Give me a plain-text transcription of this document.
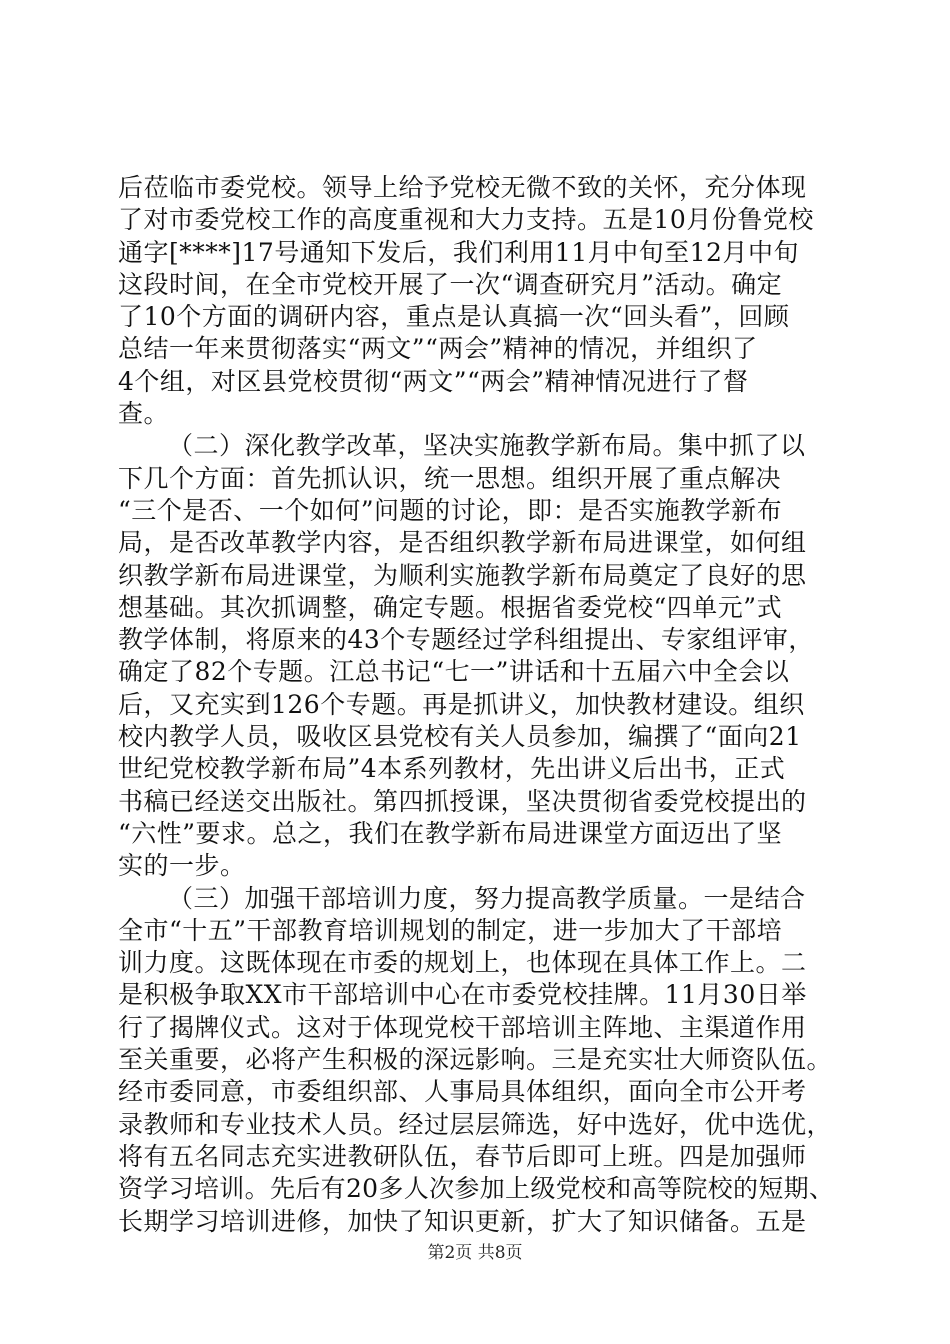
后莅临市委党校。领导上给予党校无微不致的关怀，充分体现
了对市委党校工作的高度重视和大力支持。五是10月份鲁党校
通字[****]17号通知下发后，我们利用11月中旬至12月中旬
这段时间，在全市党校开展了一次“调查研究月”活动。确定
了10个方面的调研内容，重点是认真搞一次“回头看”，回顾
总结一年来贯彻落实“两文”“两会”精神的情况，并组织了
4个组，对区县党校贯彻“两文”“两会”精神情况进行了督
查。
（二）深化教学改革，坚决实施教学新布局。集中抓了以
下几个方面：首先抓认识，统一思想。组织开展了重点解决
“三个是否、一个如何”问题的讨论，即：是否实施教学新布
局，是否改革教学内容，是否组织教学新布局进课堂，如何组
织教学新布局进课堂，为顺利实施教学新布局奠定了良好的思
想基础。其次抓调整，确定专题。根据省委党校“四单元”式
教学体制，将原来的43个专题经过学科组提出、专家组评审，
确定了82个专题。江总书记“七一”讲话和十五届六中全会以
后，又充实到126个专题。再是抓讲义，加快教材建设。组织
校内教学人员，吸收区县党校有关人员参加，编撰了“面向21
世纪党校教学新布局”4本系列教材，先出讲义后出书，正式
书稿已经送交出版社。第四抓授课，坚决贯彻省委党校提出的
“六性”要求。总之，我们在教学新布局进课堂方面迈出了坚
实的一步。
（三）加强干部培训力度，努力提高教学质量。一是结合
全市“十五”干部教育培训规划的制定，进一步加大了干部培
训力度。这既体现在市委的规划上，也体现在具体工作上。二
是积极争取XX市干部培训中心在市委党校挂牌。11月30日举
行了揭牌仪式。这对于体现党校干部培训主阵地、主渠道作用
至关重要，必将产生积极的深远影响。三是充实壮大师资队伍。
经市委同意，市委组织部、人事局具体组织，面向全市公开考
录教师和专业技术人员。经过层层筛选，好中选好，优中选优，
将有五名同志充实进教研队伍，春节后即可上班。四是加强师
资学习培训。先后有20多人次参加上级党校和高等院校的短期、
长期学习培训进修，加快了知识更新，扩大了知识储备。五是
第2页 共8页
